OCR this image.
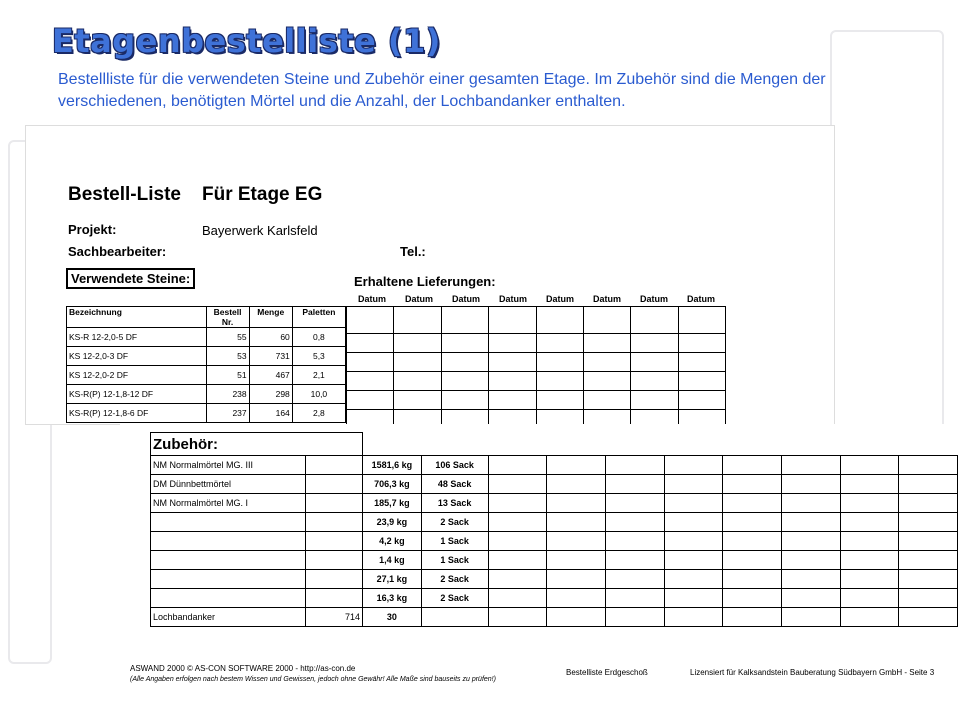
Etagenbestelliste (1)

Bestellliste für die verwendeten Steine und Zubehör einer gesamten Etage. Im Zubehör sind die Mengen der verschiedenen, benötigten Mörtel und die Anzahl, der Lochbandanker enthalten.

Bestell-Liste Für Etage EG
Projekt:	Bayerwerk Karlsfeld
Sachbearbeiter:	Tel.:
Verwendete Steine:	Erhaltene Lieferungen:
Datum Datum Datum Datum Datum Datum Datum Datum
Bezeichnung	Bestell Nr.	Menge	Paletten
KS-R 12-2,0-5 DF	55	60	0,8
KS 12-2,0-3 DF	53	731	5,3
KS 12-2,0-2 DF	51	467	2,1
KS-R(P) 12-1,8-12 DF	238	298	10,0
KS-R(P) 12-1,8-6 DF	237	164	2,8

Zubehör:											
NM Normalmörtel MG. III		1581,6 kg	106 Sack								
DM Dünnbettmörtel		706,3 kg	48 Sack								
NM Normalmörtel MG. I		185,7 kg	13 Sack								
		23,9 kg	2 Sack								
		4,2 kg	1 Sack								
		1,4 kg	1 Sack								
		27,1 kg	2 Sack								
		16,3 kg	2 Sack								
Lochbandanker	714	30									
ASWAND 2000 © AS-CON SOFTWARE 2000 - http://as-con.de
(Alle Angaben erfolgen nach bestem Wissen und Gewissen, jedoch ohne Gewähr! Alle Maße sind bauseits zu prüfen!)
Bestelliste Erdgeschoß	Lizensiert für Kalksandstein Bauberatung Südbayern GmbH - Seite 3
